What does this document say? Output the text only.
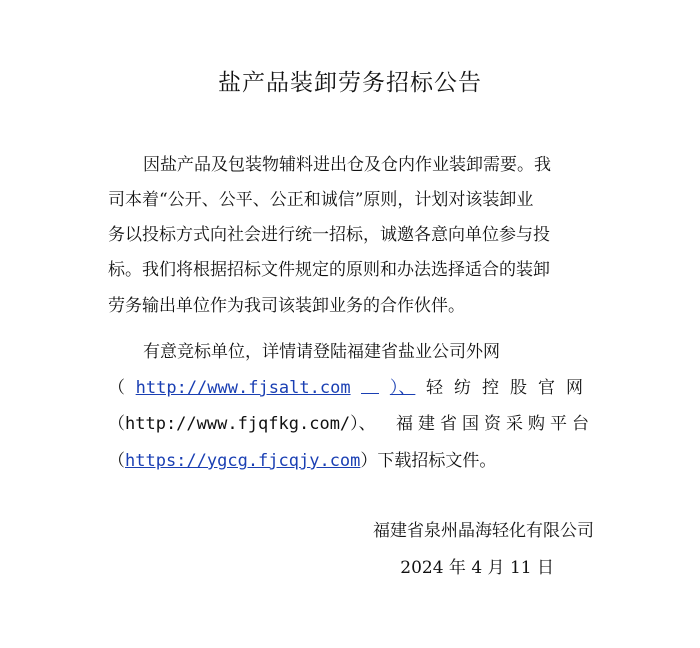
盐产品装卸劳务招标公告
因盐产品及包装物辅料进出仓及仓内作业装卸需要。我
司本着“公开、公平、公正和诚信”原则，计划对该装卸业
务以投标方式向社会进行统一招标，诚邀各意向单位参与投
标。我们将根据招标文件规定的原则和办法选择适合的装卸
劳务输出单位作为我司该装卸业务的合作伙伴。
有意竞标单位，详情请登陆福建省盐业公司外网
（ http://www.fjsalt.com ）、 轻纺控股官网
（http://www.fjqfkg.com/）、 福建省国资采购平台
（https://ygcg.fjcqjy.com）下载招标文件。
福建省泉州晶海轻化有限公司
2024 年 4 月 11 日
